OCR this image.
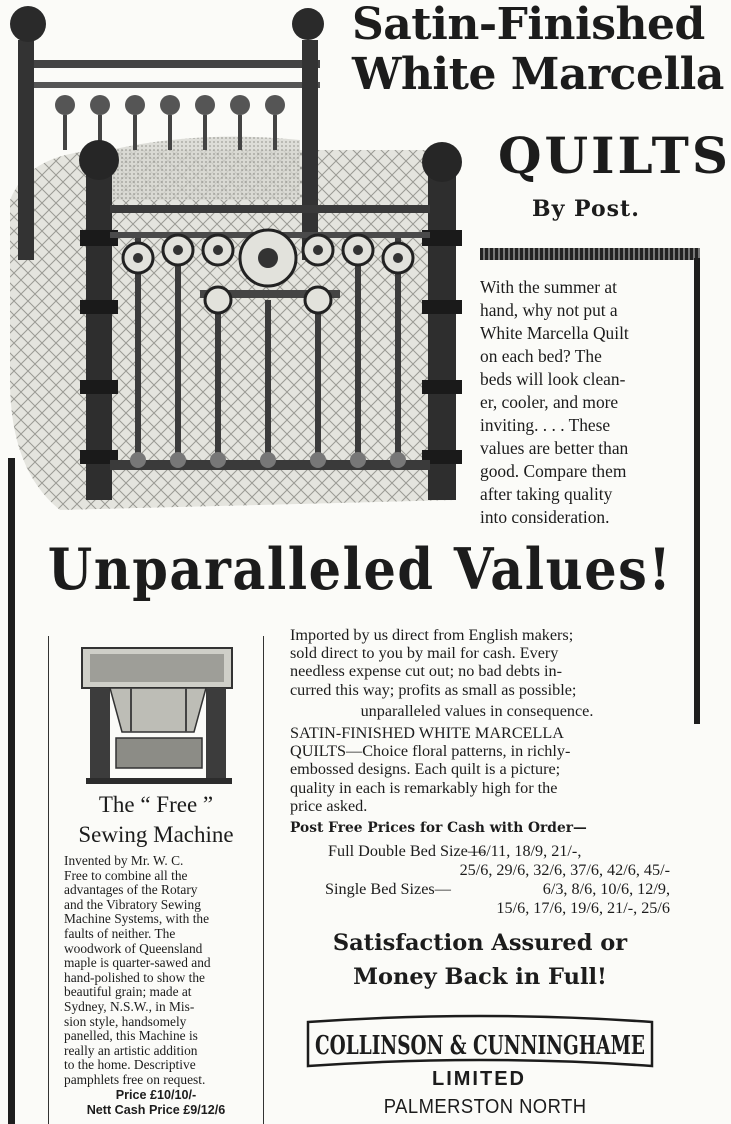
Satin-Finished
White Marcella
QUILTS
By Post.
With the summer at
hand, why not put a
White Marcella Quilt
on each bed? The
beds will look clean-
er, cooler, and more
inviting. . . . These
values are better than
good. Compare them
after taking quality
into consideration.
Unparalleled Values!
The “ Free ”
Sewing Machine
Invented by Mr. W. C.
Free to combine all the
advantages of the Rotary
and the Vibratory Sewing
Machine Systems, with the
faults of neither. The
woodwork of Queensland
maple is quarter-sawed and
hand-polished to show the
beautiful grain; made at
Sydney, N.S.W., in Mis-
sion style, handsomely
panelled, this Machine is
really an artistic addition
to the home. Descriptive
pamphlets free on request.
Price £10/10/-
Nett Cash Price £9/12/6
Imported by us direct from English makers;
sold direct to you by mail for cash. Every
needless expense cut out; no bad debts in-
curred this way; profits as small as possible;
unparalleled values in consequence.
SATIN-FINISHED WHITE MARCELLA
QUILTS—Choice floral patterns, in richly-
embossed designs. Each quilt is a picture;
quality in each is remarkably high for the
price asked.
Post Free Prices for Cash with Order—
Full Double Bed Size—
16/11, 18/9, 21/-,
25/6, 29/6, 32/6, 37/6, 42/6, 45/-
Single Bed Sizes—	6/3, 8/6, 10/6, 12/9,
15/6, 17/6, 19/6, 21/-, 25/6
Satisfaction Assured or
Money Back in Full!
COLLINSON & CUNNINGHAME
LIMITED
PALMERSTON NORTH
